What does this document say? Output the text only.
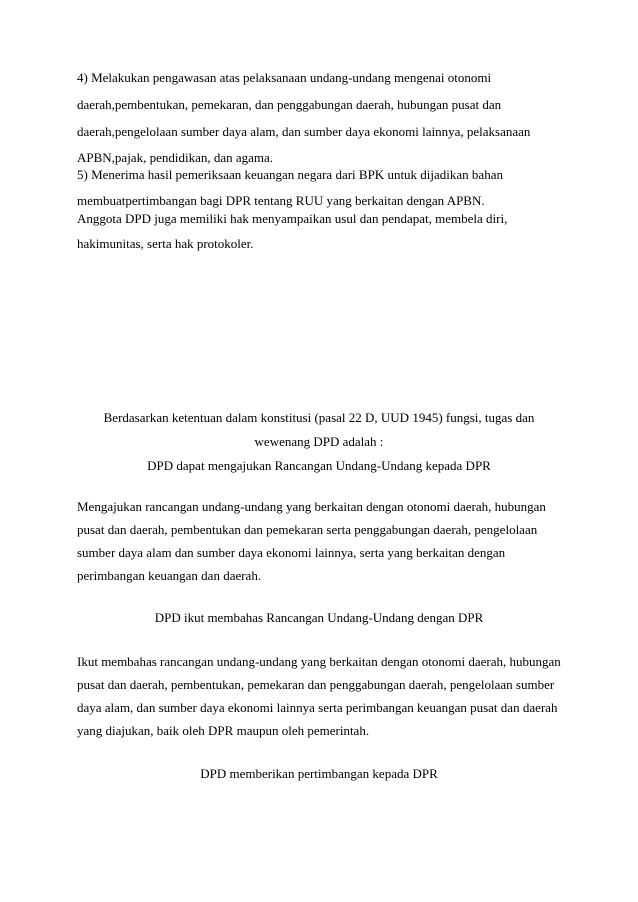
4) Melakukan pengawasan atas pelaksanaan undang-undang mengenai otonomi
daerah,pembentukan, pemekaran, dan penggabungan daerah, hubungan pusat dan
daerah,pengelolaan sumber daya alam, dan sumber daya ekonomi lainnya, pelaksanaan
APBN,pajak, pendidikan, dan agama.
5) Menerima hasil pemeriksaan keuangan negara dari BPK untuk dijadikan bahan
membuatpertimbangan bagi DPR tentang RUU yang berkaitan dengan APBN.
Anggota DPD juga memiliki hak menyampaikan usul dan pendapat, membela diri,
hakimunitas, serta hak protokoler.
Berdasarkan ketentuan dalam konstitusi (pasal 22 D, UUD 1945) fungsi, tugas dan
wewenang DPD adalah :
DPD dapat mengajukan Rancangan Undang-Undang kepada DPR
Mengajukan rancangan undang-undang yang berkaitan dengan otonomi daerah, hubungan
pusat dan daerah, pembentukan dan pemekaran serta penggabungan daerah, pengelolaan
sumber daya alam dan sumber daya ekonomi lainnya, serta yang berkaitan dengan
perimbangan keuangan dan daerah.
DPD ikut membahas Rancangan Undang-Undang dengan DPR
Ikut membahas rancangan undang-undang yang berkaitan dengan otonomi daerah, hubungan
pusat dan daerah, pembentukan, pemekaran dan penggabungan daerah, pengelolaan sumber
daya alam, dan sumber daya ekonomi lainnya serta perimbangan keuangan pusat dan daerah
yang diajukan, baik oleh DPR maupun oleh pemerintah.
DPD memberikan pertimbangan kepada DPR
